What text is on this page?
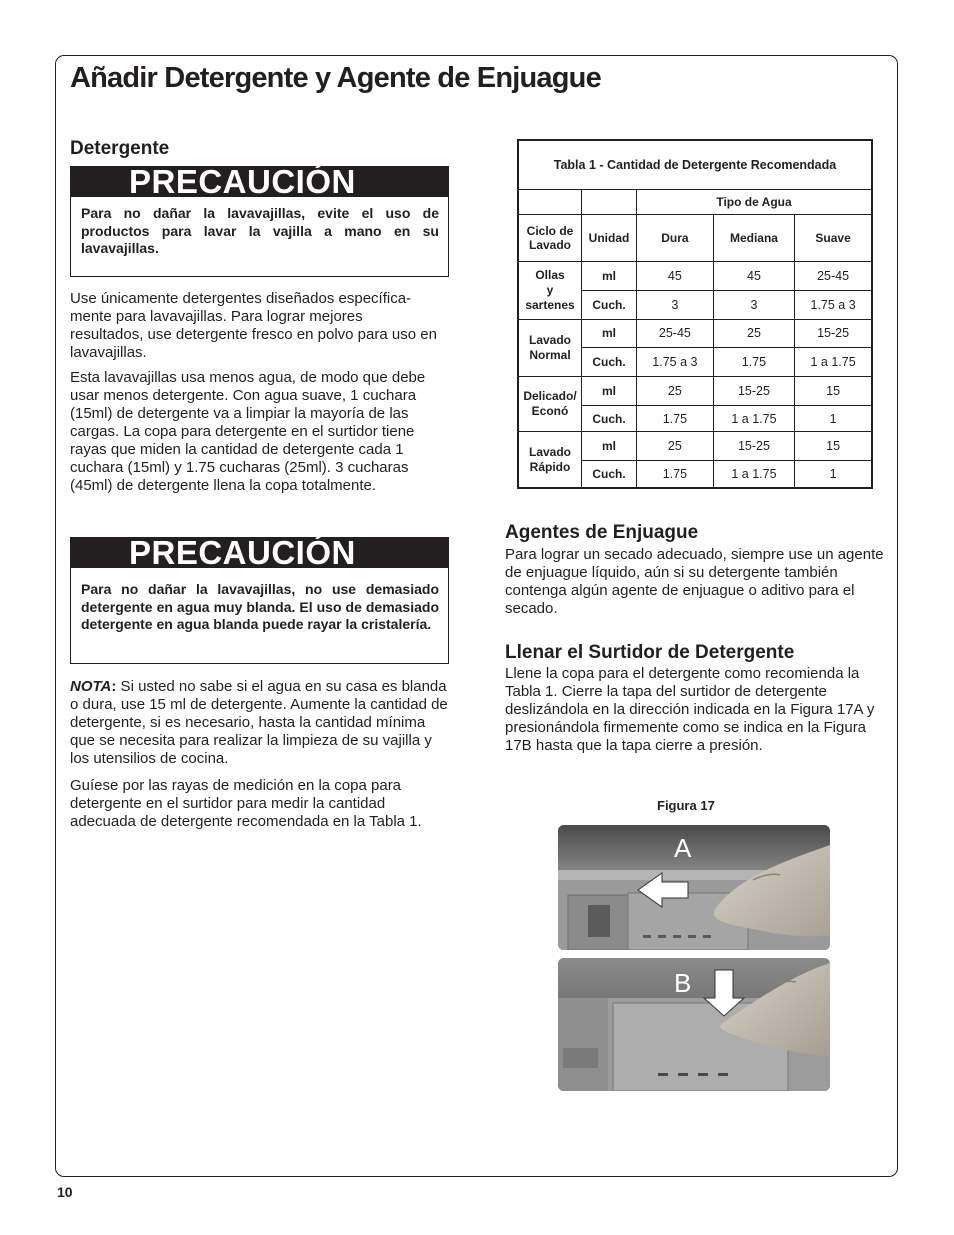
Añadir Detergente y Agente de Enjuague
Detergente
PRECAUCIÓN
Para no dañar la lavavajillas, evite el uso de productos para lavar la vajilla a mano en su lavavajillas.

Use únicamente detergentes diseñados específica-mente para lavavajillas. Para lograr mejores resultados, use detergente fresco en polvo para uso en lavavajillas.

Esta lavavajillas usa menos agua, de modo que debe usar menos detergente. Con agua suave, 1 cuchara (15ml) de detergente va a limpiar la mayoría de las cargas. La copa para detergente en el surtidor tiene rayas que miden la cantidad de detergente cada 1 cuchara (15ml) y 1.75 cucharas (25ml). 3 cucharas (45ml) de detergente llena la copa totalmente.

PRECAUCIÓN
Para no dañar la lavavajillas, no use demasiado detergente en agua muy blanda. El uso de demasiado detergente en agua blanda puede rayar la cristalería.

NOTA: Si usted no sabe si el agua en su casa es blanda o dura, use 15 ml de detergente. Aumente la cantidad de detergente, si es necesario, hasta la cantidad mínima que se necesita para realizar la limpieza de su vajilla y los utensilios de cocina.

Guíese por las rayas de medición en la copa para detergente en el surtidor para medir la cantidad adecuada de detergente recomendada en la Tabla 1.

Tabla 1 - Cantidad de Detergente Recomendada				
		Tipo de Agua		
Ciclo de Lavado	Unidad	Dura	Mediana	Suave
Ollas
y
sartenes	ml	45	45	25-45
	Cuch.	3	3	1.75 a 3
Lavado
Normal	ml	25-45	25	15-25
	Cuch.	1.75 a 3	1.75	1 a 1.75
Delicado/
Econó	ml	25	15-25	15
	Cuch.	1.75	1 a 1.75	1
Lavado
Rápido	ml	25	15-25	15
	Cuch.	1.75	1 a 1.75	1
Agentes de Enjuague

Para lograr un secado adecuado, siempre use un agente de enjuague líquido, aún si su detergente también contenga algún agente de enjuague o aditivo para el secado.

Llenar el Surtidor de Detergente

Llene la copa para el detergente como recomienda la Tabla 1. Cierre la tapa del surtidor de detergente deslizándola en la dirección indicada en la Figura 17A y presionándola firmemente como se indica en la Figura 17B hasta que la tapa cierre a presión.

Figura 17

A
B

10
